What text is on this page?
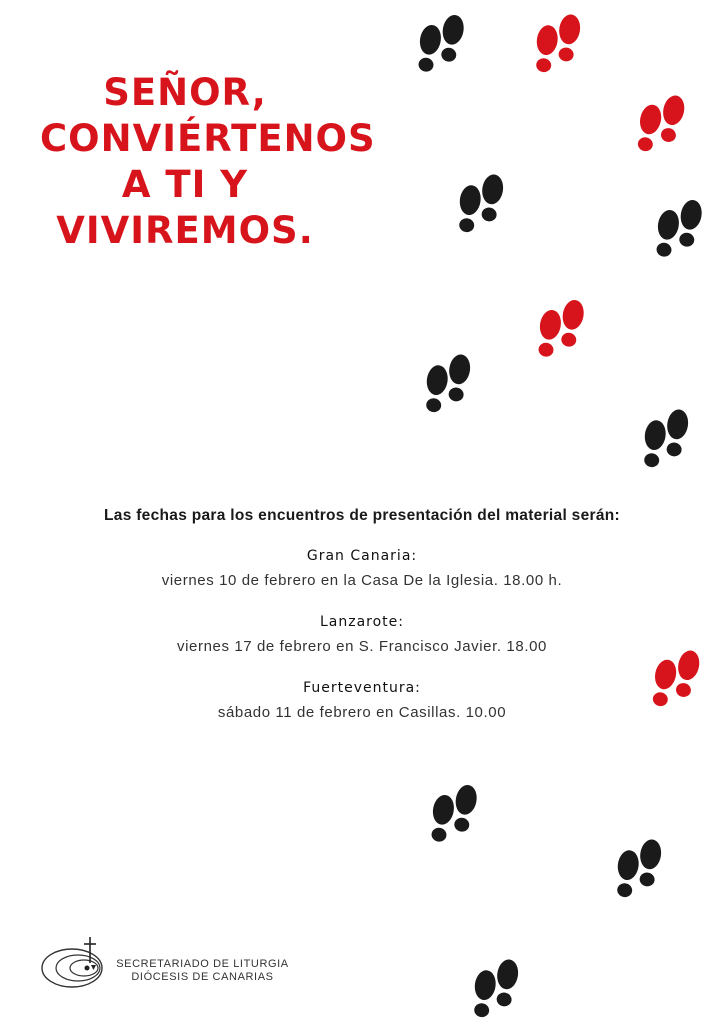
SEÑOR,
CONVIÉRTENOS
A TI Y
VIVIREMOS.
Las fechas para los encuentros de presentación del material serán:
Gran Canaria:
viernes 10 de febrero en la Casa De la Iglesia. 18.00 h.
Lanzarote:
viernes 17 de febrero en S. Francisco Javier. 18.00
Fuerteventura:
sábado 11 de febrero en Casillas. 10.00
SECRETARIADO DE LITURGIA
DIÓCESIS DE CANARIAS
